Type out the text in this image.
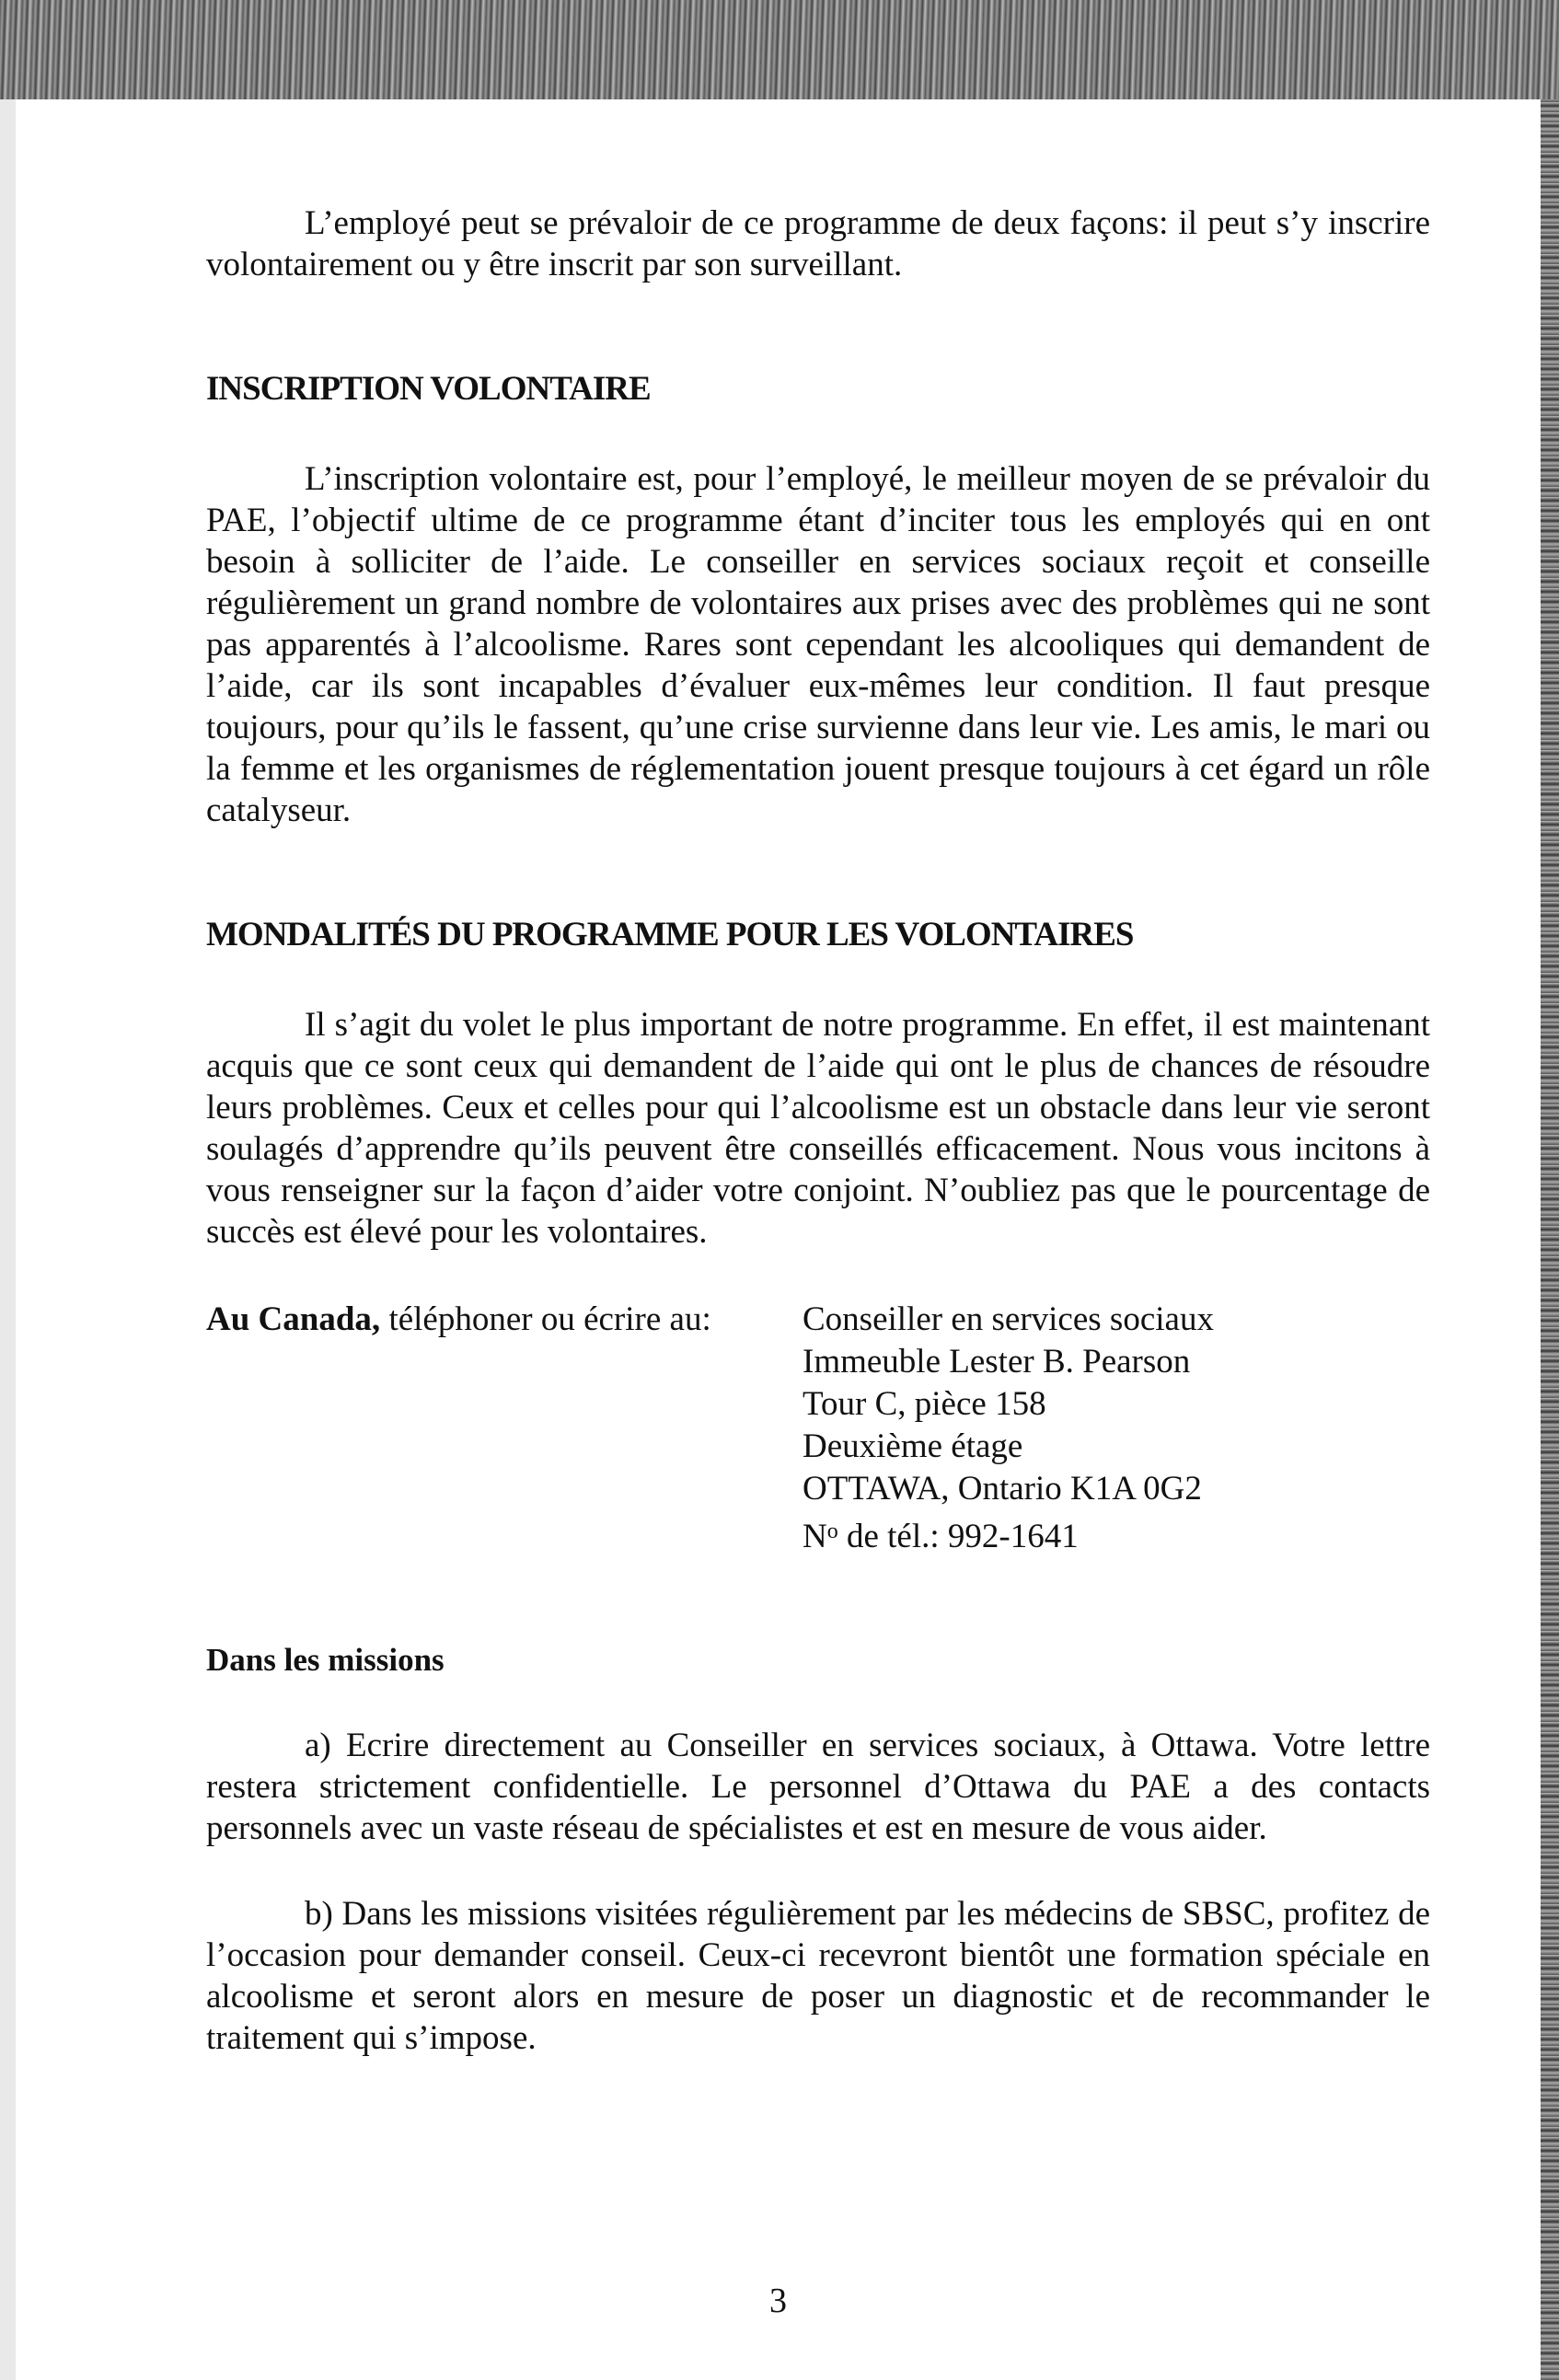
L’employé peut se prévaloir de ce programme de deux façons: il peut s’y inscrire volontairement ou y être inscrit par son surveillant.

INSCRIPTION VOLONTAIRE

L’inscription volontaire est, pour l’employé, le meilleur moyen de se prévaloir du PAE, l’objectif ultime de ce programme étant d’inciter tous les employés qui en ont besoin à solliciter de l’aide. Le conseiller en services sociaux reçoit et conseille régulièrement un grand nombre de volontaires aux prises avec des problèmes qui ne sont pas apparentés à l’alcoolisme. Rares sont cependant les alcooliques qui demandent de l’aide, car ils sont incapables d’évaluer eux-mêmes leur condition. Il faut presque toujours, pour qu’ils le fassent, qu’une crise survienne dans leur vie. Les amis, le mari ou la femme et les organismes de réglementation jouent presque toujours à cet égard un rôle catalyseur.

MONDALITÉS DU PROGRAMME POUR LES VOLONTAIRES

Il s’agit du volet le plus important de notre programme. En effet, il est maintenant acquis que ce sont ceux qui demandent de l’aide qui ont le plus de chances de résoudre leurs problèmes. Ceux et celles pour qui l’alcoolisme est un obstacle dans leur vie seront soulagés d’apprendre qu’ils peuvent être conseillés efficacement. Nous vous incitons à vous renseigner sur la façon d’aider votre conjoint. N’oubliez pas que le pourcentage de succès est élevé pour les volontaires.

Au Canada, téléphoner ou écrire au:	Conseiller en services sociaux
Immeuble Lester B. Pearson
Tour C, pièce 158
Deuxième étage
OTTAWA, Ontario K1A 0G2
$N^o$ de tél.: 992-1641
Dans les missions

a) Ecrire directement au Conseiller en services sociaux, à Ottawa. Votre lettre restera strictement confidentielle. Le personnel d’Ottawa du PAE a des contacts personnels avec un vaste réseau de spécialistes et est en mesure de vous aider.

b) Dans les missions visitées régulièrement par les médecins de SBSC, profitez de l’occasion pour demander conseil. Ceux-ci recevront bientôt une formation spéciale en alcoolisme et seront alors en mesure de poser un diagnostic et de recommander le traitement qui s’impose.

3
